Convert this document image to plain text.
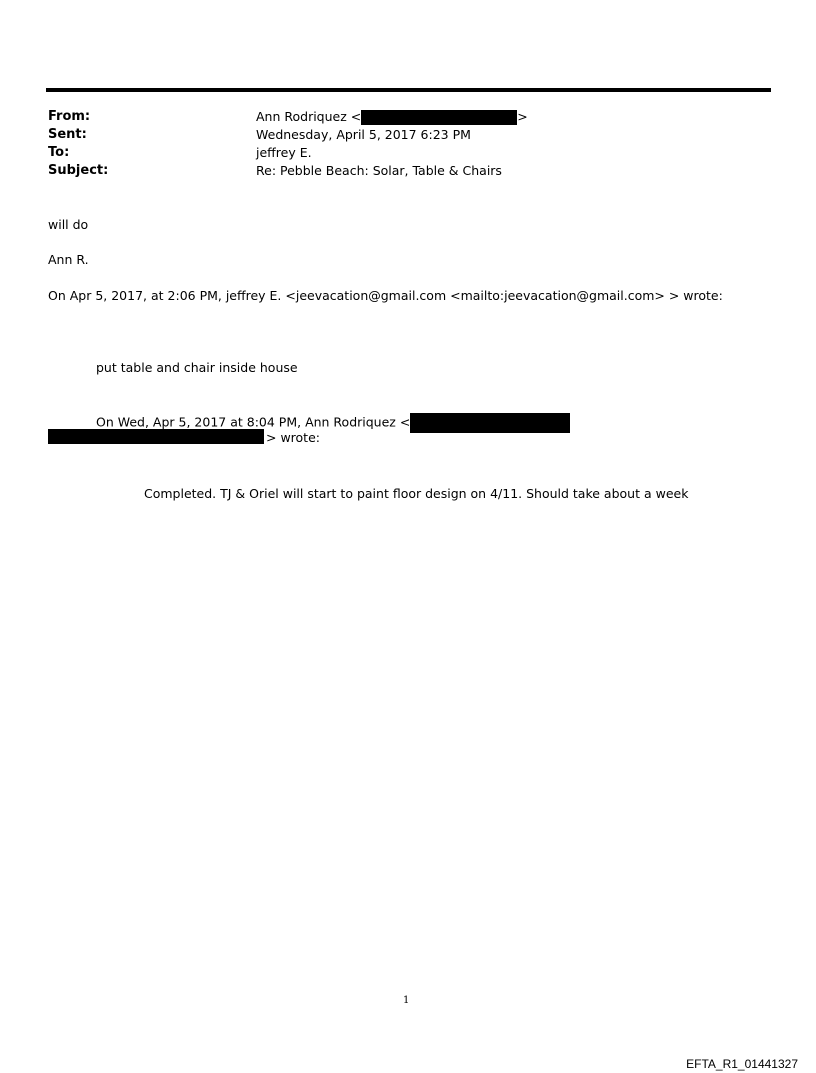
From:	Ann Rodriquez <	>
Sent:	Wednesday, April 5, 2017 6:23 PM
To:	jeffrey E.
Subject:	Re: Pebble Beach: Solar, Table & Chairs
will do
Ann R.
On Apr 5, 2017, at 2:06 PM, jeffrey E. <jeevacation@gmail.com <mailto:jeevacation@gmail.com> > wrote:
put table and chair inside house
On Wed, Apr 5, 2017 at 8:04 PM, Ann Rodriquez <
> wrote:
Completed. TJ & Oriel will start to paint floor design on 4/11. Should take about a week
1
EFTA_R1_01441327
